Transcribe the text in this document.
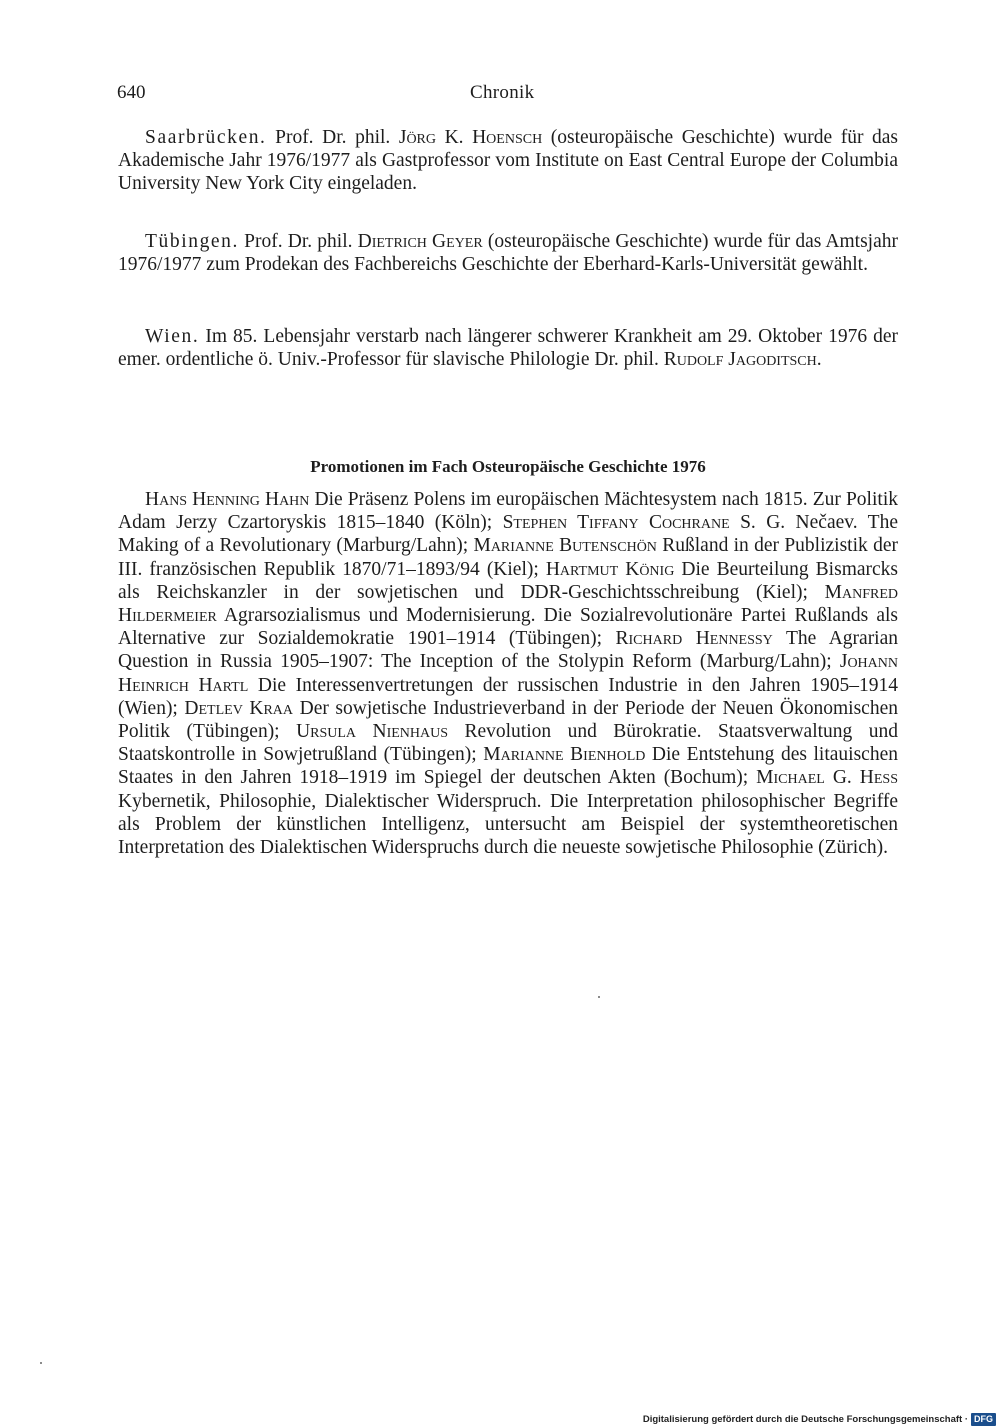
640	Chronik

Saarbrücken. Prof. Dr. phil. Jörg K. Hoensch (osteuropäische Geschichte) wurde für das Akademische Jahr 1976/1977 als Gastprofessor vom Institute on East Central Europe der Columbia University New York City eingeladen.

Tübingen. Prof. Dr. phil. Dietrich Geyer (osteuropäische Geschichte) wurde für das Amtsjahr 1976/1977 zum Prodekan des Fachbereichs Geschichte der Eberhard-Karls-Universität gewählt.

Wien. Im 85. Lebensjahr verstarb nach längerer schwerer Krankheit am 29. Oktober 1976 der emer. ordentliche ö. Univ.-Professor für slavische Philologie Dr. phil. Rudolf Jagoditsch.

Promotionen im Fach Osteuropäische Geschichte 1976

Hans Henning Hahn Die Präsenz Polens im europäischen Mächtesystem nach 1815. Zur Politik Adam Jerzy Czartoryskis 1815–1840 (Köln); Stephen Tiffany Cochrane S. G. Nečaev. The Making of a Revolutionary (Marburg/Lahn); Marianne Butenschön Rußland in der Publizistik der III. französischen Republik 1870/71–1893/94 (Kiel); Hartmut König Die Beurteilung Bismarcks als Reichskanzler in der sowjetischen und DDR-Geschichtsschreibung (Kiel); Manfred Hildermeier Agrarsozialismus und Modernisierung. Die Sozialrevolutionäre Partei Rußlands als Alternative zur Sozialdemokratie 1901–1914 (Tübingen); Richard Hennessy The Agrarian Question in Russia 1905–1907: The Inception of the Stolypin Reform (Marburg/Lahn); Johann Heinrich Hartl Die Interessenvertretungen der russischen Industrie in den Jahren 1905–1914 (Wien); Detlev Kraa Der sowjetische Industrieverband in der Periode der Neuen Ökonomischen Politik (Tübingen); Ursula Nienhaus Revolution und Bürokratie. Staatsverwaltung und Staatskontrolle in Sowjetrußland (Tübingen); Marianne Bienhold Die Entstehung des litauischen Staates in den Jahren 1918–1919 im Spiegel der deutschen Akten (Bochum); Michael G. Hess Kybernetik, Philosophie, Dialektischer Widerspruch. Die Interpretation philosophischer Begriffe als Problem der künstlichen Intelligenz, untersucht am Beispiel der systemtheoretischen Interpretation des Dialektischen Widerspruchs durch die neueste sowjetische Philosophie (Zürich).

Digitalisierung gefördert durch die Deutsche Forschungsgemeinschaft · DFG
